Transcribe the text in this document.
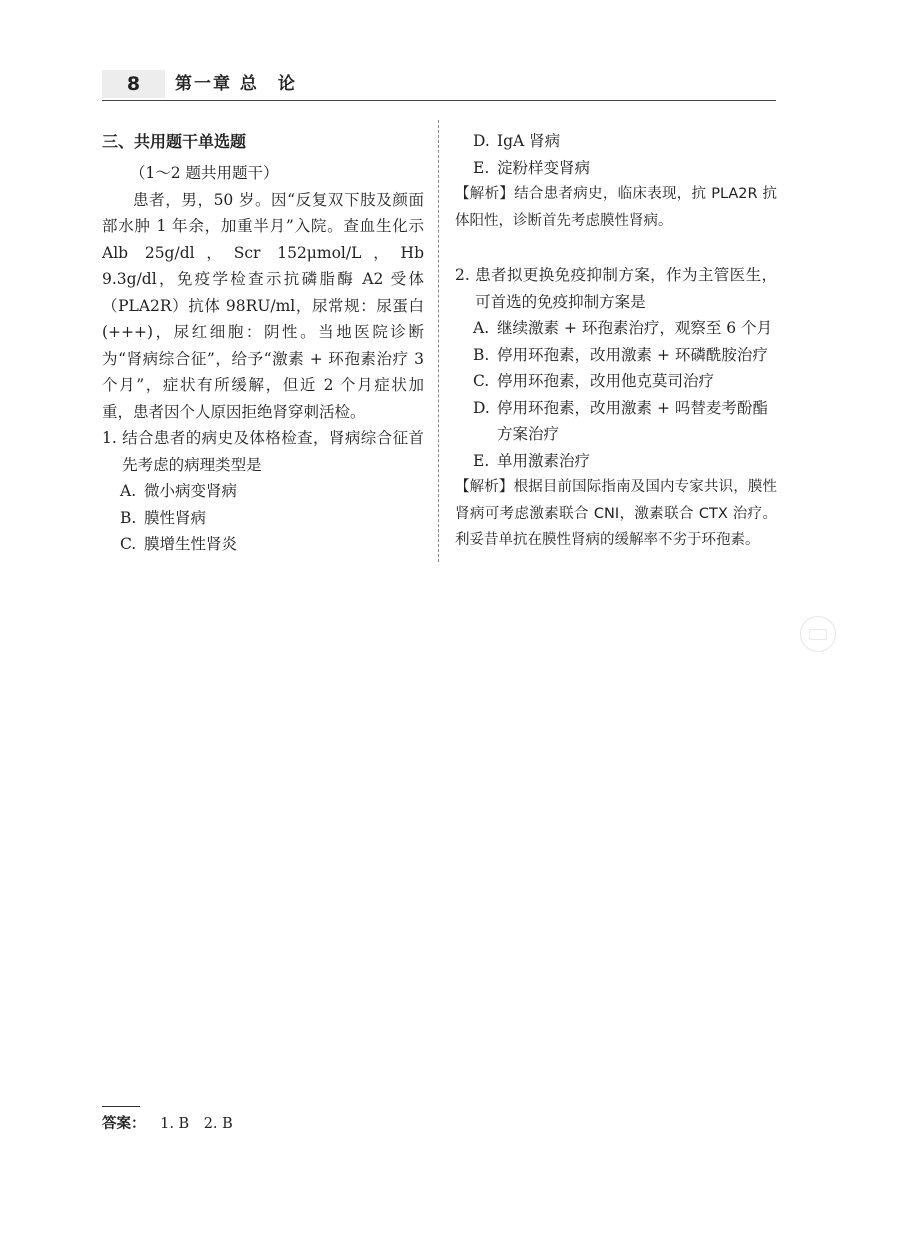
8	第一章 总　论
三、共用题干单选题

（1～2 题共用题干）

患者，男，50 岁。因“反复双下肢及颜面部水肿 1 年余，加重半月”入院。查血生化示 Alb 25g/dl，Scr 152μmol/L，Hb 9.3g/dl，免疫学检查示抗磷脂酶 A2 受体（PLA2R）抗体 98RU/ml，尿常规：尿蛋白(+++)，尿红细胞：阴性。当地医院诊断为“肾病综合征”，给予“激素 + 环孢素治疗 3 个月”，症状有所缓解，但近 2 个月症状加重，患者因个人原因拒绝肾穿刺活检。

1. 结合患者的病史及体格检查，肾病综合征首先考虑的病理类型是
A. 微小病变肾病
B. 膜性肾病
C. 膜增生性肾炎
D. IgA 肾病
E. 淀粉样变肾病

【解析】结合患者病史，临床表现，抗 PLA2R 抗体阳性，诊断首先考虑膜性肾病。

2. 患者拟更换免疫抑制方案，作为主管医生，可首选的免疫抑制方案是
A. 继续激素 + 环孢素治疗，观察至 6 个月
B. 停用环孢素，改用激素 + 环磷酰胺治疗
C. 停用环孢素，改用他克莫司治疗
D. 停用环孢素，改用激素 + 吗替麦考酚酯方案治疗
E. 单用激素治疗

【解析】根据目前国际指南及国内专家共识，膜性肾病可考虑激素联合 CNI，激素联合 CTX 治疗。利妥昔单抗在膜性肾病的缓解率不劣于环孢素。

答案： 1. B　2. B
